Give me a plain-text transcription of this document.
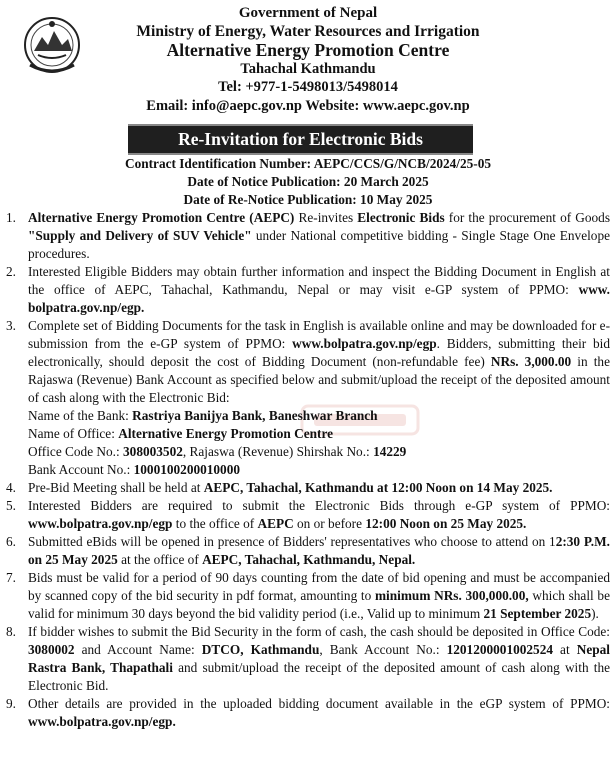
Government of Nepal
Ministry of Energy, Water Resources and Irrigation
Alternative Energy Promotion Centre
Tahachal Kathmandu
Tel: +977-1-5498013/5498014
Email: info@aepc.gov.np Website: www.aepc.gov.np
Re-Invitation for Electronic Bids
Contract Identification Number: AEPC/CCS/G/NCB/2024/25-05
Date of Notice Publication: 20 March 2025
Date of Re-Notice Publication: 10 May 2025
1. Alternative Energy Promotion Centre (AEPC) Re-invites Electronic Bids for the procurement of Goods "Supply and Delivery of SUV Vehicle" under National competitive bidding - Single Stage One Envelope procedures.
2. Interested Eligible Bidders may obtain further information and inspect the Bidding Document in English at the office of AEPC, Tahachal, Kathmandu, Nepal or may visit e-GP system of PPMO: www. bolpatra.gov.np/egp.
3. Complete set of Bidding Documents for the task in English is available online and may be downloaded for e-submission from the e-GP system of PPMO: www.bolpatra.gov.np/egp. Bidders, submitting their bid electronically, should deposit the cost of Bidding Document (non-refundable fee) NRs. 3,000.00 in the Rajaswa (Revenue) Bank Account as specified below and submit/upload the receipt of the deposited amount of cash along with the Electronic Bid:
Name of the Bank: Rastriya Banijya Bank, Baneshwar Branch
Name of Office: Alternative Energy Promotion Centre
Office Code No.: 308003502, Rajaswa (Revenue) Shirshak No.: 14229
Bank Account No.: 1000100200010000
4. Pre-Bid Meeting shall be held at AEPC, Tahachal, Kathmandu at 12:00 Noon on 14 May 2025.
5. Interested Bidders are required to submit the Electronic Bids through e-GP system of PPMO: www.bolpatra.gov.np/egp to the office of AEPC on or before 12:00 Noon on 25 May 2025.
6. Submitted eBids will be opened in presence of Bidders' representatives who choose to attend on 12:30 P.M. on 25 May 2025 at the office of AEPC, Tahachal, Kathmandu, Nepal.
7. Bids must be valid for a period of 90 days counting from the date of bid opening and must be accompanied by scanned copy of the bid security in pdf format, amounting to minimum NRs. 300,000.00, which shall be valid for minimum 30 days beyond the bid validity period (i.e., Valid up to minimum 21 September 2025).
8. If bidder wishes to submit the Bid Security in the form of cash, the cash should be deposited in Office Code: 3080002 and Account Name: DTCO, Kathmandu, Bank Account No.: 1201200001002524 at Nepal Rastra Bank, Thapathali and submit/upload the receipt of the deposited amount of cash along with the Electronic Bid.
9. Other details are provided in the uploaded bidding document available in the eGP system of PPMO: www.bolpatra.gov.np/egp.
